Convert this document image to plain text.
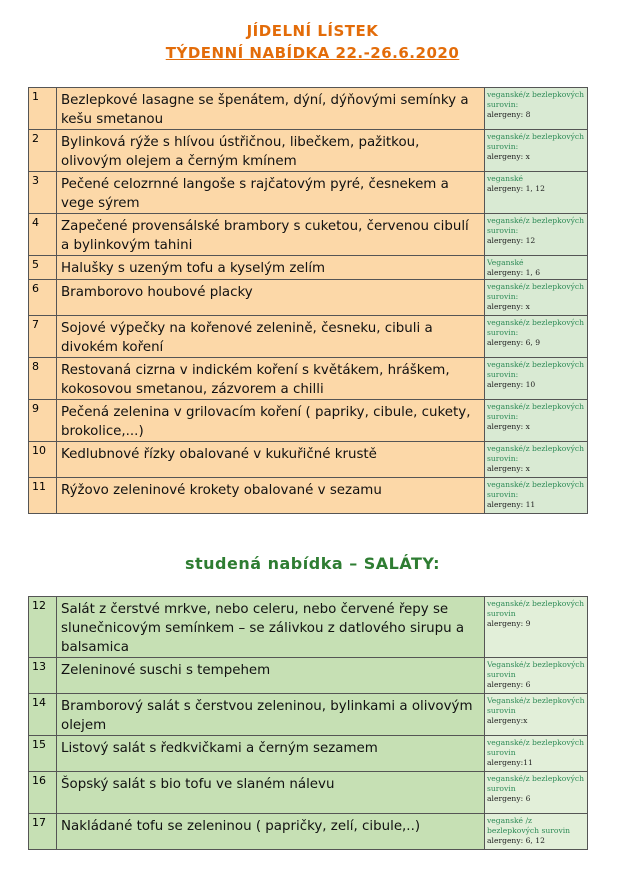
JÍDELNÍ LÍSTEK
TÝDENNÍ NABÍDKA 22.-26.6.2020
1	Bezlepkové lasagne se špenátem, dýní, dýňovými semínky a kešu smetanou	veganské/z bezlepkových surovin:
alergeny: 8

2	Bylinková rýže s hlívou ústřičnou, libečkem, pažitkou, olivovým olejem a černým kmínem	veganské/z bezlepkových surovin:
alergeny: x

3	Pečené celozrnné langoše s rajčatovým pyré, česnekem a vege sýrem	veganské
alergeny: 1, 12

4	Zapečené provensálské brambory s cuketou, červenou cibulí a bylinkovým tahini	veganské/z bezlepkových surovin:
alergeny: 12

5	Halušky s uzeným tofu a kyselým zelím	Veganské
alergeny: 1, 6

6	Bramborovo houbové placky	veganské/z bezlepkových surovin:
alergeny: x

7	Sojové výpečky na kořenové zelenině, česneku, cibuli a divokém koření	veganské/z bezlepkových surovin:
alergeny: 6, 9

8	Restovaná cizrna v indickém koření s květákem, hráškem, kokosovou smetanou, zázvorem a chilli	veganské/z bezlepkových surovin:
alergeny: 10

9	Pečená zelenina v grilovacím koření ( papriky, cibule, cukety, brokolice,...)	veganské/z bezlepkových surovin:
alergeny: x

10	Kedlubnové řízky obalované v kukuřičné krustě	veganské/z bezlepkových surovin:
alergeny: x

11	Rýžovo zeleninové krokety obalované v sezamu	veganské/z bezlepkových surovin:
alergeny: 11
studená nabídka – SALÁTY:
12	Salát z čerstvé mrkve, nebo celeru, nebo červené řepy se slunečnicovým semínkem – se zálivkou z datlového sirupu a balsamica	veganské/z bezlepkových surovin
alergeny: 9

13	Zeleninové suschi s tempehem	Veganské/z bezlepkových surovin
alergeny: 6

14	Bramborový salát s čerstvou zeleninou, bylinkami a olivovým olejem	Veganské/z bezlepkových surovin
alergeny:x

15	Listový salát s ředkvičkami a černým sezamem	veganské/z bezlepkových surovin
alergeny:11

16	Šopský salát s bio tofu ve slaném nálevu	veganské/z bezlepkových surovin
alergeny: 6

17	Nakládané tofu se zeleninou ( papričky, zelí, cibule,..)	veganské /z bezlepkových surovin
alergeny: 6, 12
